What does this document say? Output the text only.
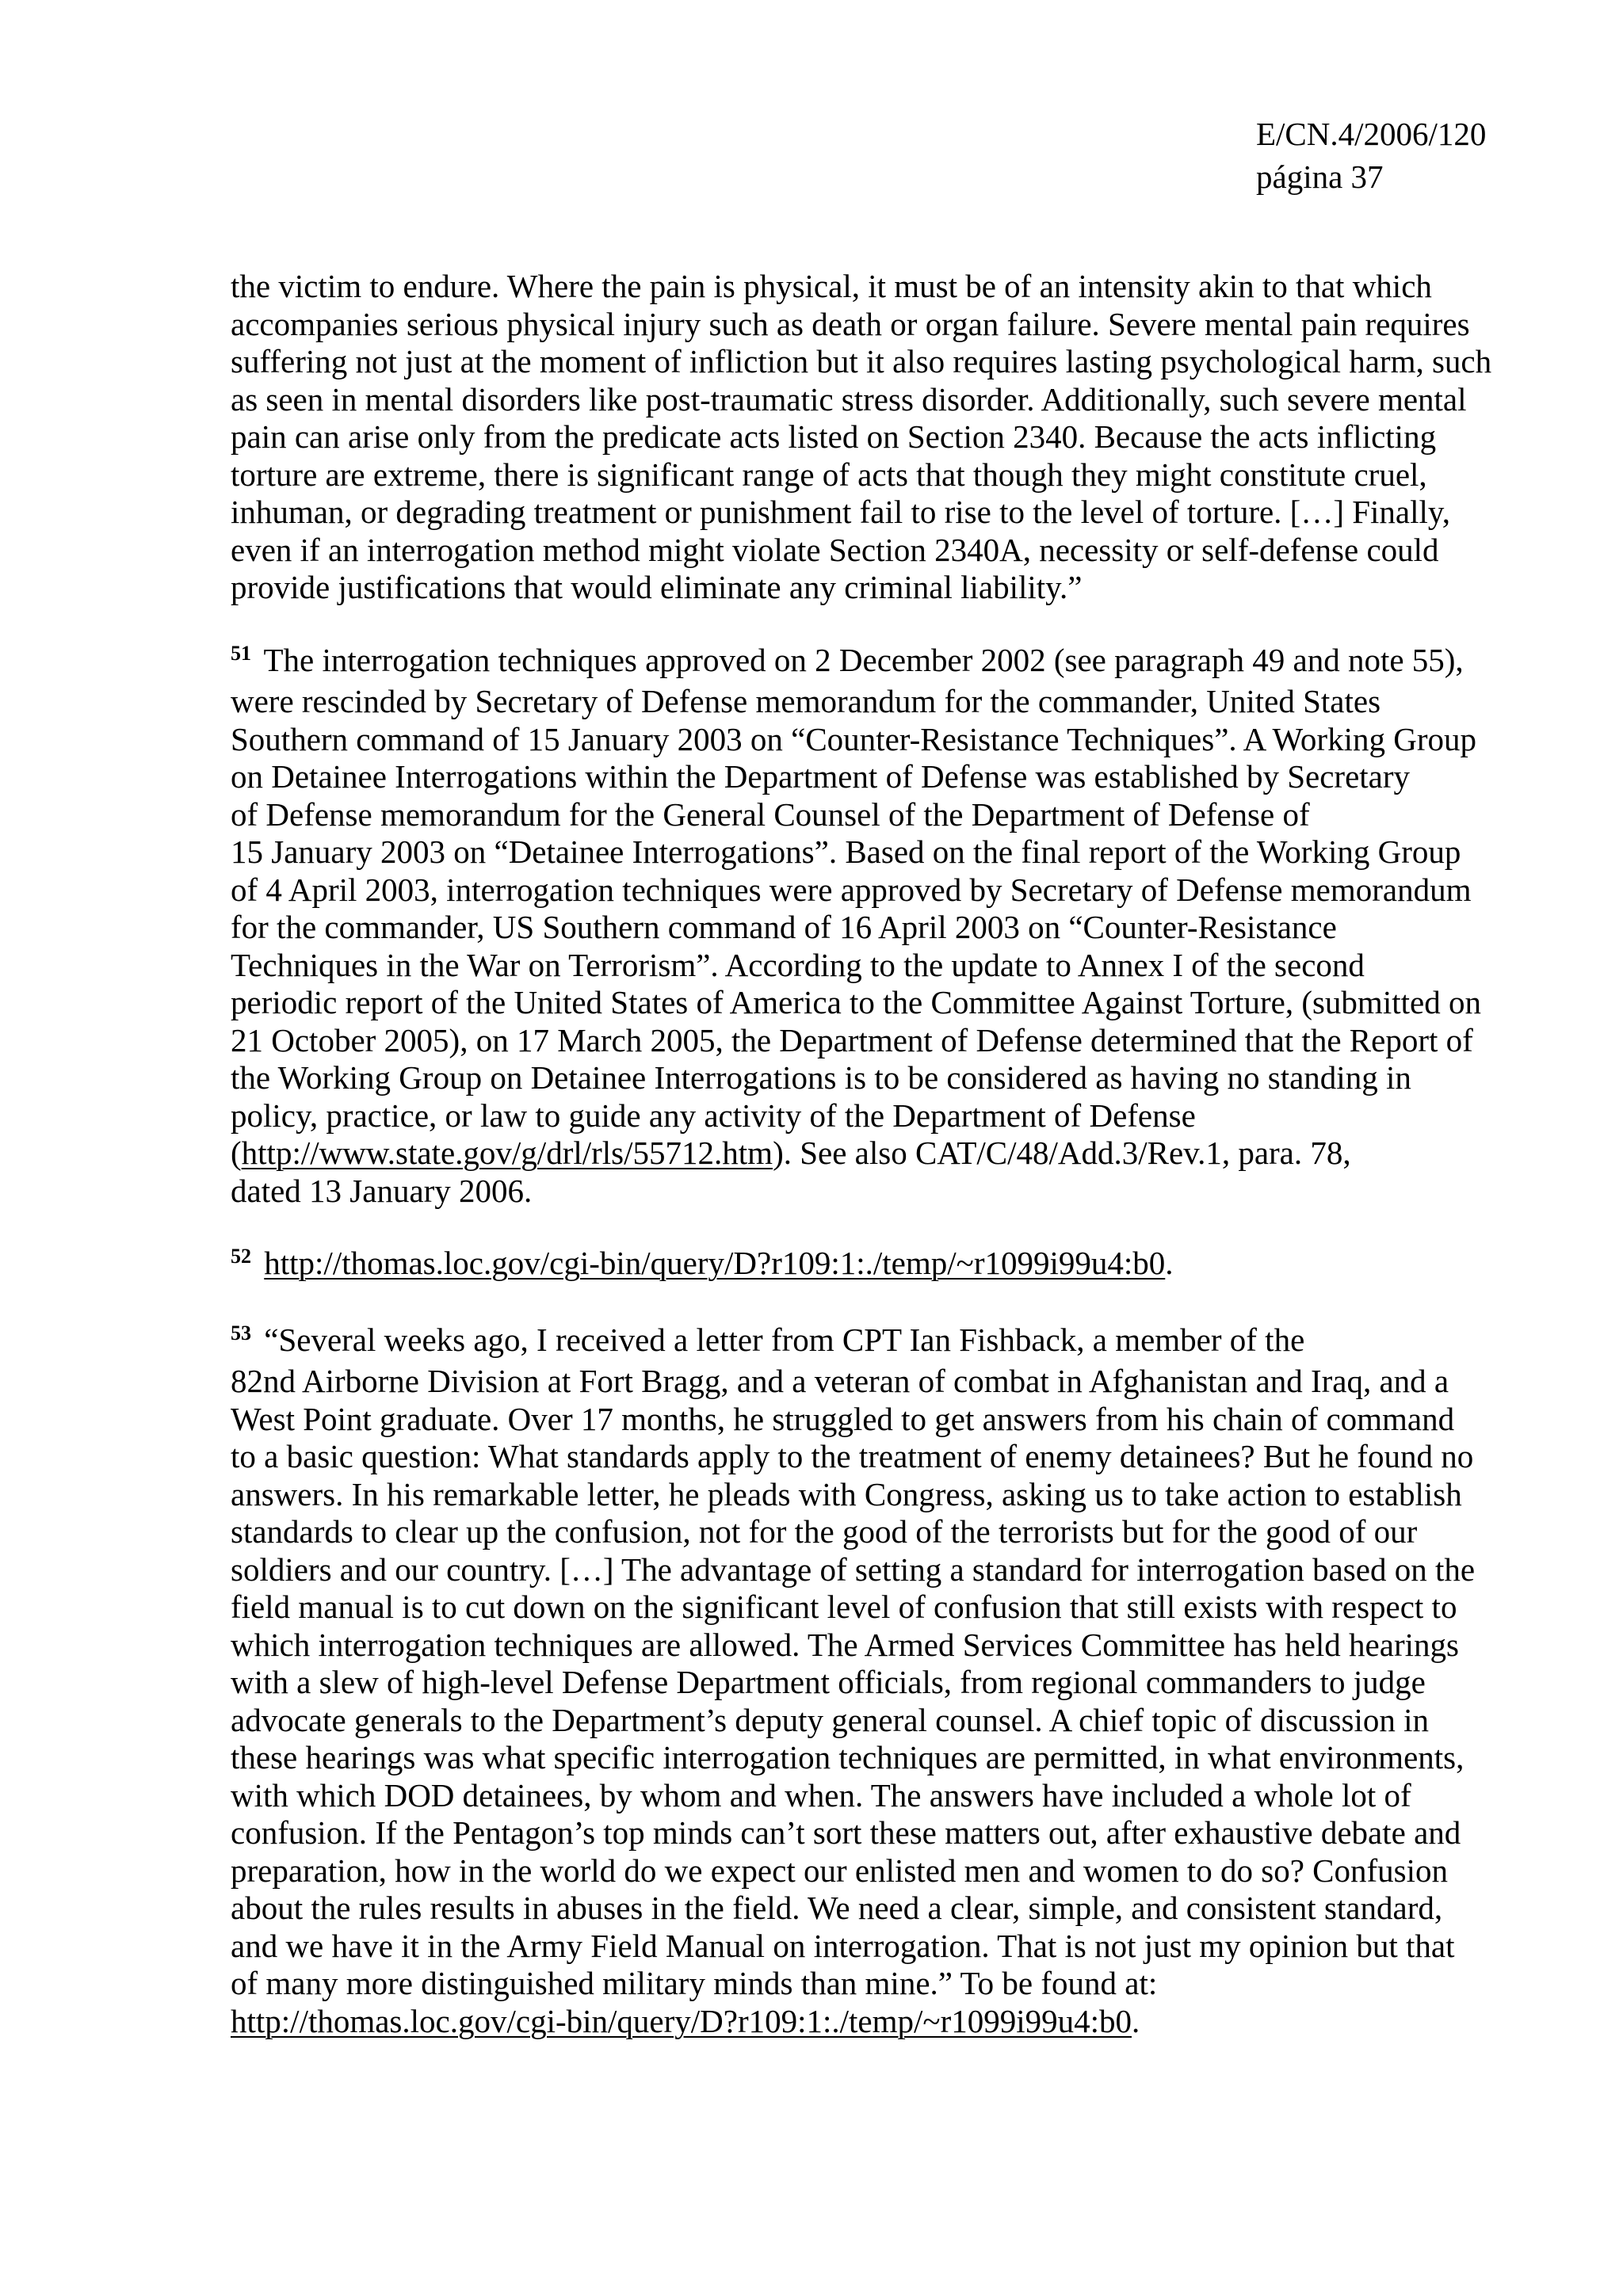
E/CN.4/2006/120
página 37
the victim to endure. Where the pain is physical, it must be of an intensity akin to that which
accompanies serious physical injury such as death or organ failure. Severe mental pain requires
suffering not just at the moment of infliction but it also requires lasting psychological harm, such
as seen in mental disorders like post-traumatic stress disorder. Additionally, such severe mental
pain can arise only from the predicate acts listed on Section 2340. Because the acts inflicting
torture are extreme, there is significant range of acts that though they might constitute cruel,
inhuman, or degrading treatment or punishment fail to rise to the level of torture. […] Finally,
even if an interrogation method might violate Section 2340A, necessity or self-defense could
provide justifications that would eliminate any criminal liability.”
$^{51}$ The interrogation techniques approved on 2 December 2002 (see paragraph 49 and note 55),
were rescinded by Secretary of Defense memorandum for the commander, United States
Southern command of 15 January 2003 on “Counter-Resistance Techniques”. A Working Group
on Detainee Interrogations within the Department of Defense was established by Secretary
of Defense memorandum for the General Counsel of the Department of Defense of
15 January 2003 on “Detainee Interrogations”. Based on the final report of the Working Group
of 4 April 2003, interrogation techniques were approved by Secretary of Defense memorandum
for the commander, US Southern command of 16 April 2003 on “Counter-Resistance
Techniques in the War on Terrorism”. According to the update to Annex I of the second
periodic report of the United States of America to the Committee Against Torture, (submitted on
21 October 2005), on 17 March 2005, the Department of Defense determined that the Report of
the Working Group on Detainee Interrogations is to be considered as having no standing in
policy, practice, or law to guide any activity of the Department of Defense
(http://www.state.gov/g/drl/rls/55712.htm). See also CAT/C/48/Add.3/Rev.1, para. 78,
dated 13 January 2006.
$^{52}$ http://thomas.loc.gov/cgi-bin/query/D?r109:1:./temp/~r1099i99u4:b0.
$^{53}$ “Several weeks ago, I received a letter from CPT Ian Fishback, a member of the
82nd Airborne Division at Fort Bragg, and a veteran of combat in Afghanistan and Iraq, and a
West Point graduate. Over 17 months, he struggled to get answers from his chain of command
to a basic question: What standards apply to the treatment of enemy detainees? But he found no
answers. In his remarkable letter, he pleads with Congress, asking us to take action to establish
standards to clear up the confusion, not for the good of the terrorists but for the good of our
soldiers and our country. […] The advantage of setting a standard for interrogation based on the
field manual is to cut down on the significant level of confusion that still exists with respect to
which interrogation techniques are allowed. The Armed Services Committee has held hearings
with a slew of high-level Defense Department officials, from regional commanders to judge
advocate generals to the Department’s deputy general counsel. A chief topic of discussion in
these hearings was what specific interrogation techniques are permitted, in what environments,
with which DOD detainees, by whom and when. The answers have included a whole lot of
confusion. If the Pentagon’s top minds can’t sort these matters out, after exhaustive debate and
preparation, how in the world do we expect our enlisted men and women to do so? Confusion
about the rules results in abuses in the field. We need a clear, simple, and consistent standard,
and we have it in the Army Field Manual on interrogation. That is not just my opinion but that
of many more distinguished military minds than mine.” To be found at:
http://thomas.loc.gov/cgi-bin/query/D?r109:1:./temp/~r1099i99u4:b0.
